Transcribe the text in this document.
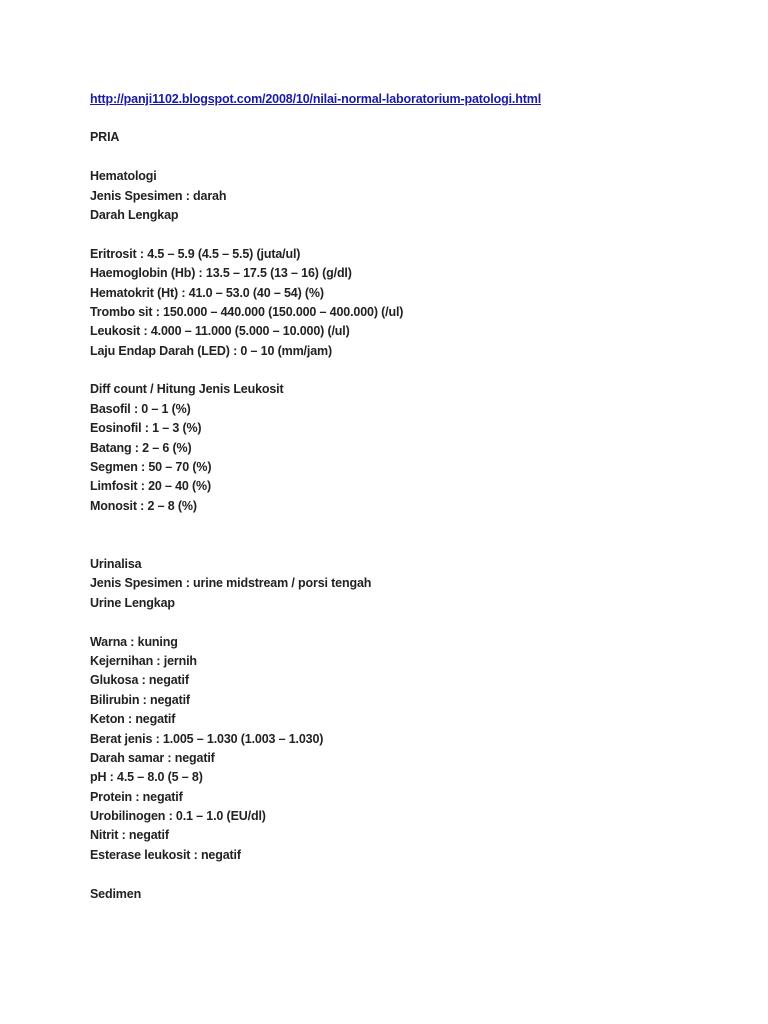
http://panji1102.blogspot.com/2008/10/nilai-normal-laboratorium-patologi.html
PRIA
Hematologi
Jenis Spesimen : darah
Darah Lengkap
Eritrosit : 4.5 – 5.9 (4.5 – 5.5) (juta/ul)
Haemoglobin (Hb) : 13.5 – 17.5 (13 – 16) (g/dl)
Hematokrit (Ht) : 41.0 – 53.0 (40 – 54) (%)
Trombo sit : 150.000 – 440.000 (150.000 – 400.000) (/ul)
Leukosit : 4.000 – 11.000 (5.000 – 10.000) (/ul)
Laju Endap Darah (LED) : 0 – 10 (mm/jam)
Diff count / Hitung Jenis Leukosit
Basofil : 0 – 1 (%)
Eosinofil : 1 – 3 (%)
Batang : 2 – 6 (%)
Segmen : 50 – 70 (%)
Limfosit : 20 – 40 (%)
Monosit : 2 – 8 (%)
Urinalisa
Jenis Spesimen : urine midstream / porsi tengah
Urine Lengkap
Warna : kuning
Kejernihan : jernih
Glukosa : negatif
Bilirubin : negatif
Keton : negatif
Berat jenis : 1.005 – 1.030 (1.003 – 1.030)
Darah samar : negatif
pH : 4.5 – 8.0 (5 – 8)
Protein : negatif
Urobilinogen : 0.1 – 1.0 (EU/dl)
Nitrit : negatif
Esterase leukosit : negatif
Sedimen
